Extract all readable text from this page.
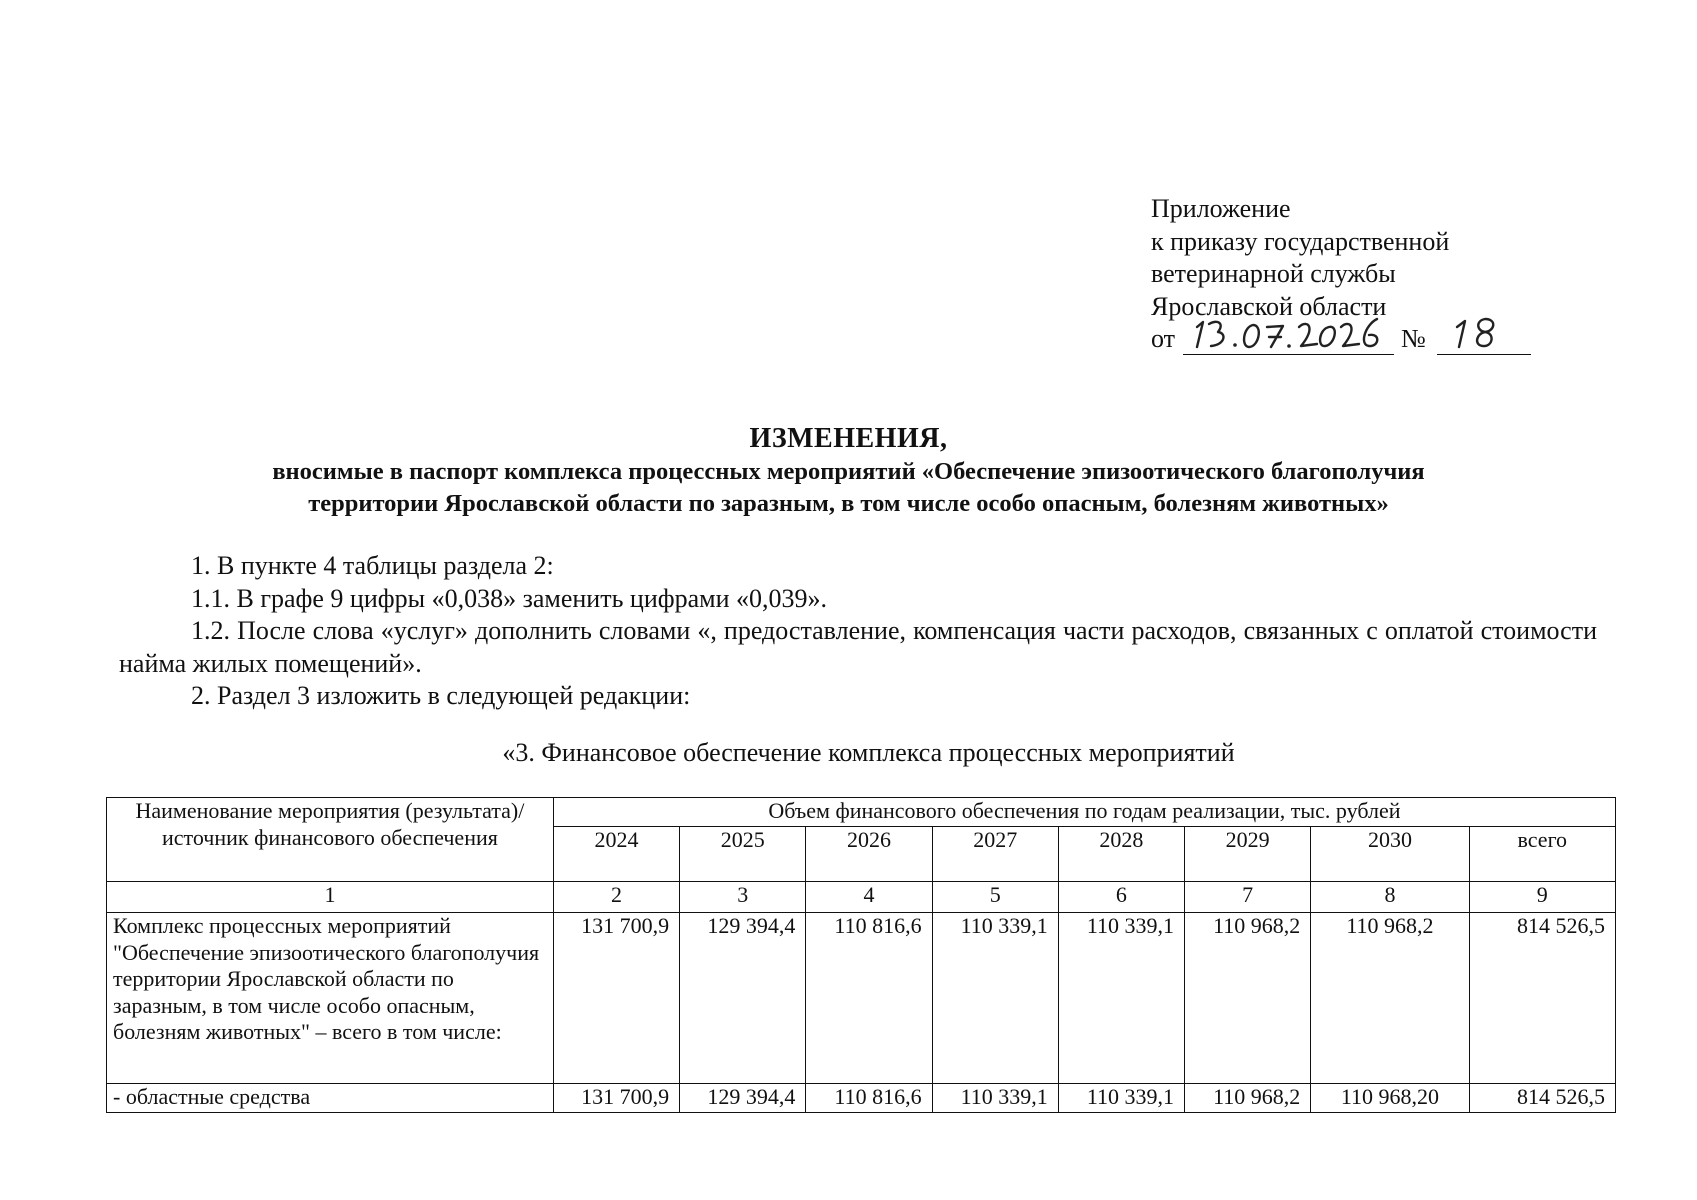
Приложение
к приказу государственной
ветеринарной службы
Ярославской области
от	№
ИЗМЕНЕНИЯ,
вносимые в паспорт комплекса процессных мероприятий «Обеспечение эпизоотического благополучия
территории Ярославской области по заразным, в том числе особо опасным, болезням животных»
1. В пункте 4 таблицы раздела 2:
1.1. В графе 9 цифры «0,038» заменить цифрами «0,039».
1.2. После слова «услуг» дополнить словами «, предоставление, компенсация части расходов, связанных с оплатой стоимости найма жилых помещений».
2. Раздел 3 изложить в следующей редакции:
«3. Финансовое обеспечение комплекса процессных мероприятий
Наименование мероприятия (результата)/ источник финансового обеспечения	Объем финансового обеспечения по годам реализации, тыс. рублей							
	2024	2025	2026	2027	2028	2029	2030	всего
1	2	3	4	5	6	7	8	9
Комплекс процессных мероприятий "Обеспечение эпизоотического благополучия территории Ярославской области по заразным, в том числе особо опасным, болезням животных" – всего в том числе:	131 700,9	129 394,4	110 816,6	110 339,1	110 339,1	110 968,2	110 968,2	814 526,5
- областные средства	131 700,9	129 394,4	110 816,6	110 339,1	110 339,1	110 968,2	110 968,20	814 526,5
